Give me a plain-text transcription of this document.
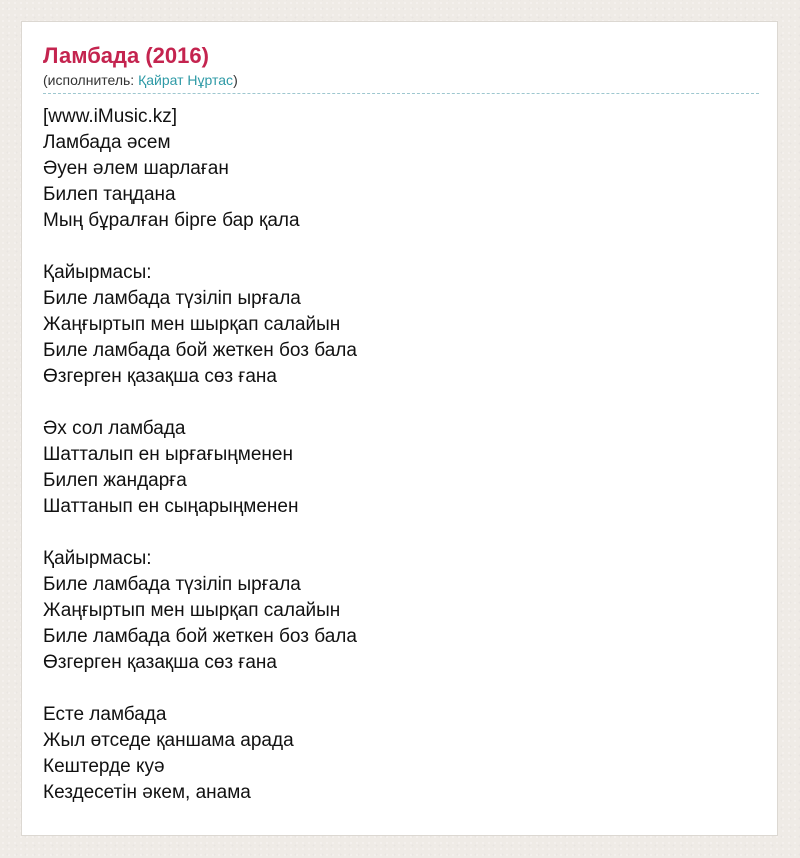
Ламбада (2016)
(исполнитель: Қайрат Нұртас)
[www.iMusic.kz]
Ламбада әсем
Әуен әлем шарлаған
Билеп таңдана
Мың бұралған бірге бар қала
Қайырмасы:
Биле ламбада түзіліп ырғала
Жаңғыртып мен шырқап салайын
Биле ламбада бой жеткен боз бала
Өзгерген қазақша сөз ғана
Әх сол ламбада
Шатталып ен ырғағыңменен
Билеп жандарға
Шаттанып ен сыңарыңменен
Қайырмасы:
Биле ламбада түзіліп ырғала
Жаңғыртып мен шырқап салайын
Биле ламбада бой жеткен боз бала
Өзгерген қазақша сөз ғана
Есте ламбада
Жыл өтседе қаншама арада
Кештерде куә
Кездесетін әкем, анама
